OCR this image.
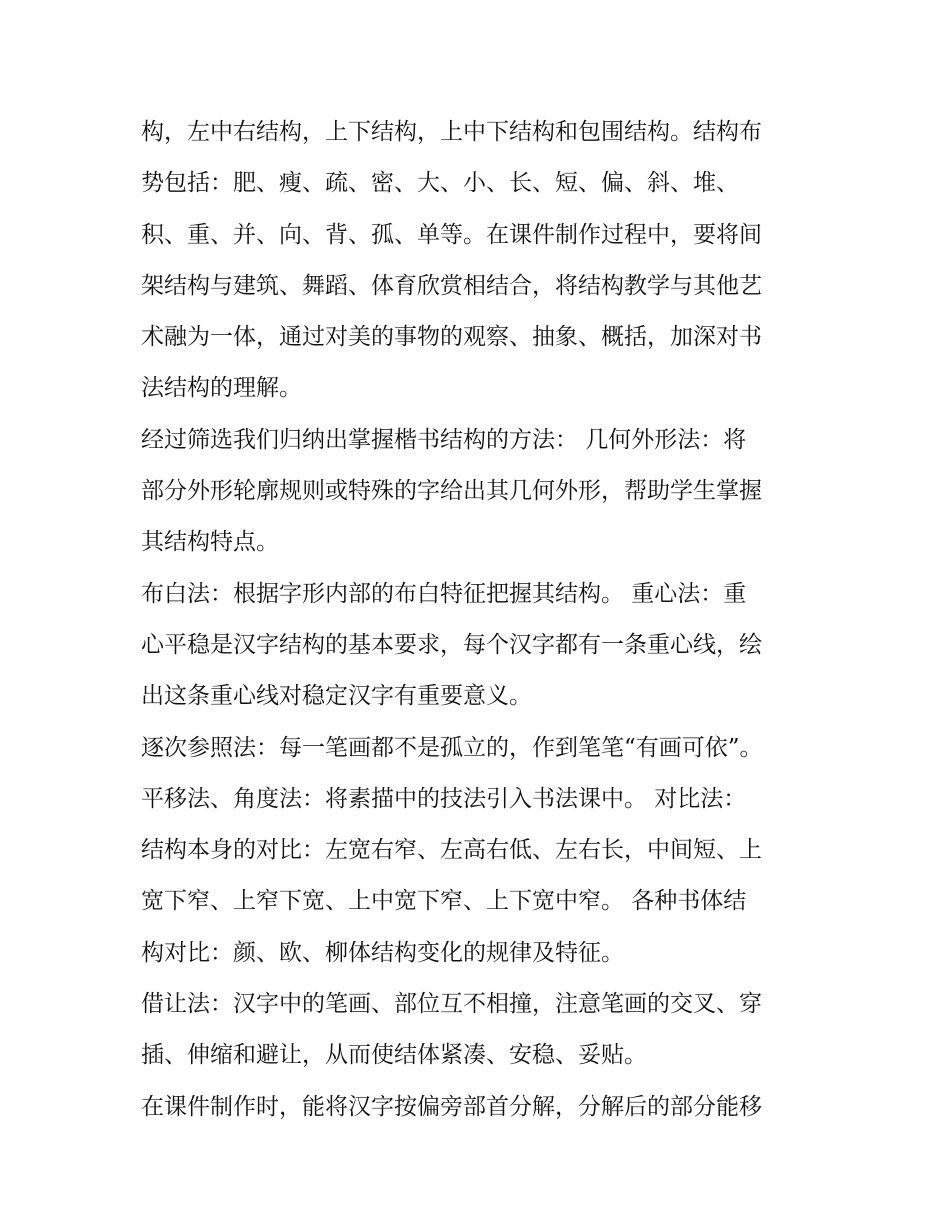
构，左中右结构，上下结构，上中下结构和包围结构。结构布
势包括：肥、瘦、疏、密、大、小、长、短、偏、斜、堆、
积、重、并、向、背、孤、单等。在课件制作过程中，要将间
架结构与建筑、舞蹈、体育欣赏相结合，将结构教学与其他艺
术融为一体，通过对美的事物的观察、抽象、概括，加深对书
法结构的理解。
经过筛选我们归纳出掌握楷书结构的方法： 几何外形法：将
部分外形轮廓规则或特殊的字给出其几何外形，帮助学生掌握
其结构特点。
布白法：根据字形内部的布白特征把握其结构。 重心法：重
心平稳是汉字结构的基本要求，每个汉字都有一条重心线，绘
出这条重心线对稳定汉字有重要意义。
逐次参照法：每一笔画都不是孤立的，作到笔笔“有画可依”。
平移法、角度法：将素描中的技法引入书法课中。 对比法：
结构本身的对比：左宽右窄、左高右低、左右长，中间短、上
宽下窄、上窄下宽、上中宽下窄、上下宽中窄。 各种书体结
构对比：颜、欧、柳体结构变化的规律及特征。
借让法：汉字中的笔画、部位互不相撞，注意笔画的交叉、穿
插、伸缩和避让，从而使结体紧凑、安稳、妥贴。
在课件制作时，能将汉字按偏旁部首分解，分解后的部分能移
